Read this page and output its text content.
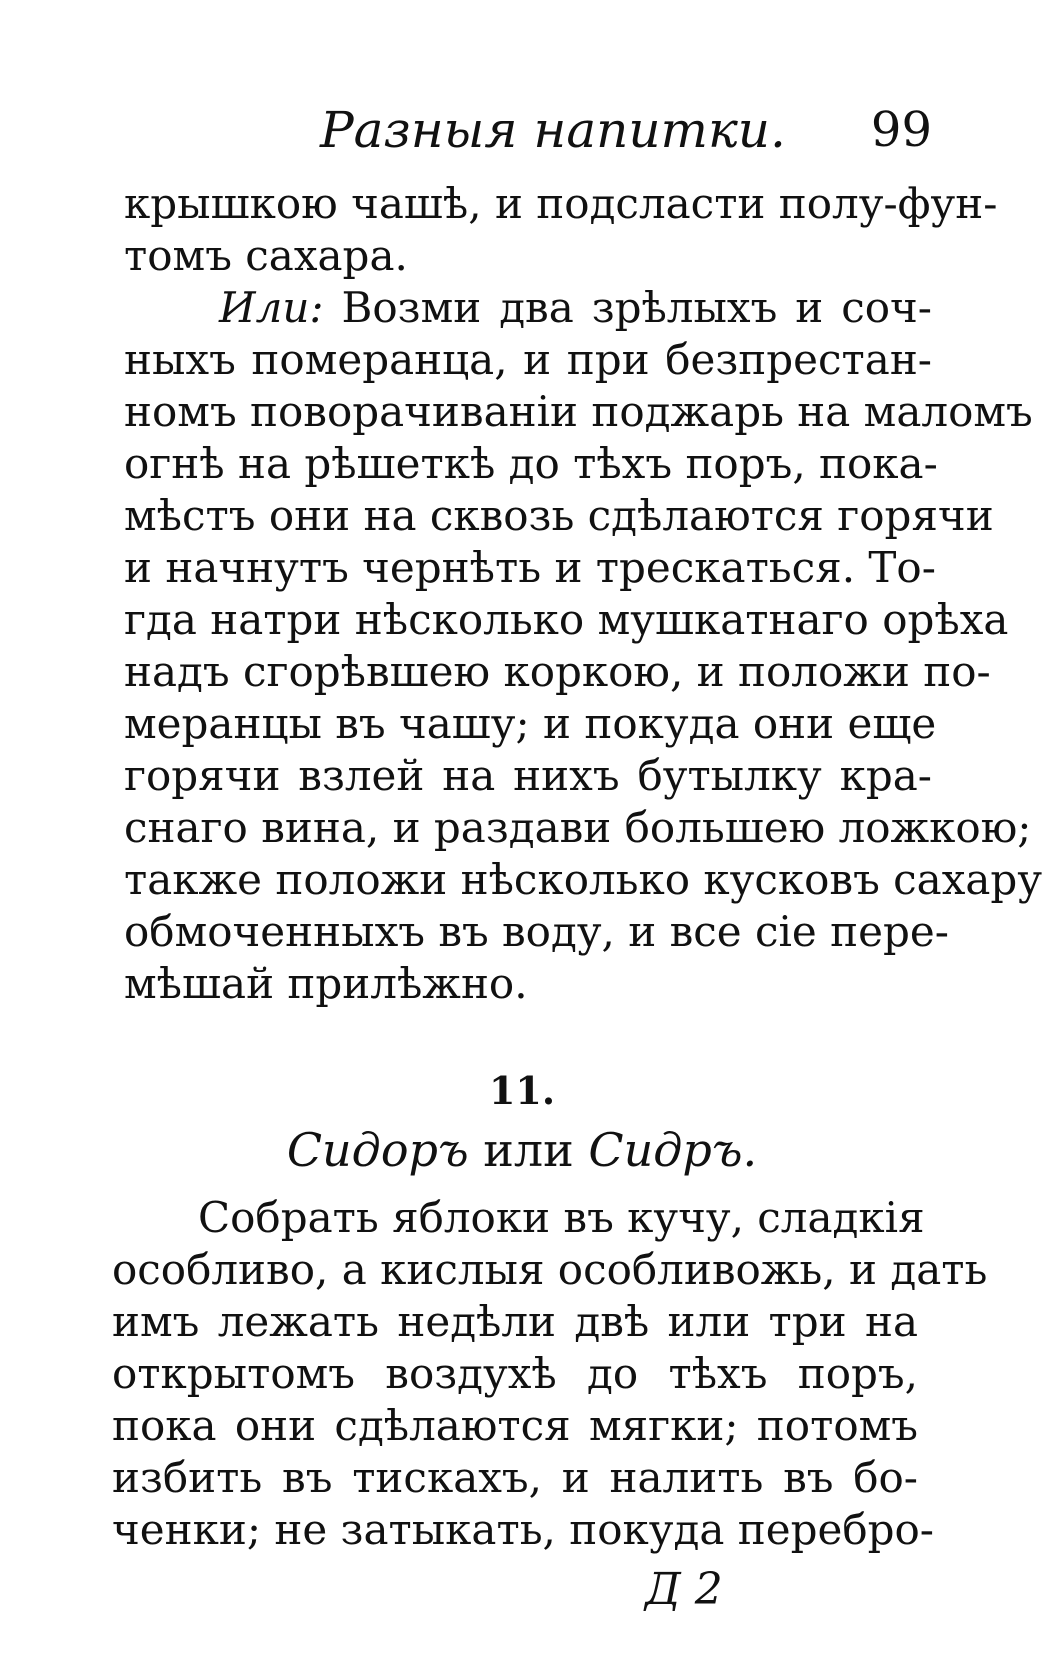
Разныя напитки. 99
крышкою чашѣ, и подсласти полу-фун-
томъ сахара.
Или: Возми два зрѣлыхъ и соч-
ныхъ померанца, и при безпрестан-
номъ поворачиванiи поджарь на маломъ
огнѣ на рѣшеткѣ до тѣхъ поръ, пока-
мѣстъ они на сквозь сдѣлаются горячи
и начнутъ чернѣть и трескаться. То-
гда натри нѣсколько мушкатнаго орѣха
надъ сгорѣвшею коркою, и положи по-
меранцы въ чашу; и покуда они еще
горячи взлей на нихъ бутылку кра-
снаго вина, и раздави большею ложкою;
также положи нѣсколько кусковъ сахару
обмоченныхъ въ воду, и все сiе пере-
мѣшай прилѣжно.
11.
Сидоръ или Сидръ.
Собрать яблоки въ кучу, сладкiя
особливо, а кислыя особливожь, и дать
имъ лежать недѣли двѣ или три на
открытомъ воздухѣ до тѣхъ поръ,
пока они сдѣлаются мягки; потомъ
избить въ тискахъ, и налить въ бо-
ченки; не затыкать, покуда перебро-
Д 2
